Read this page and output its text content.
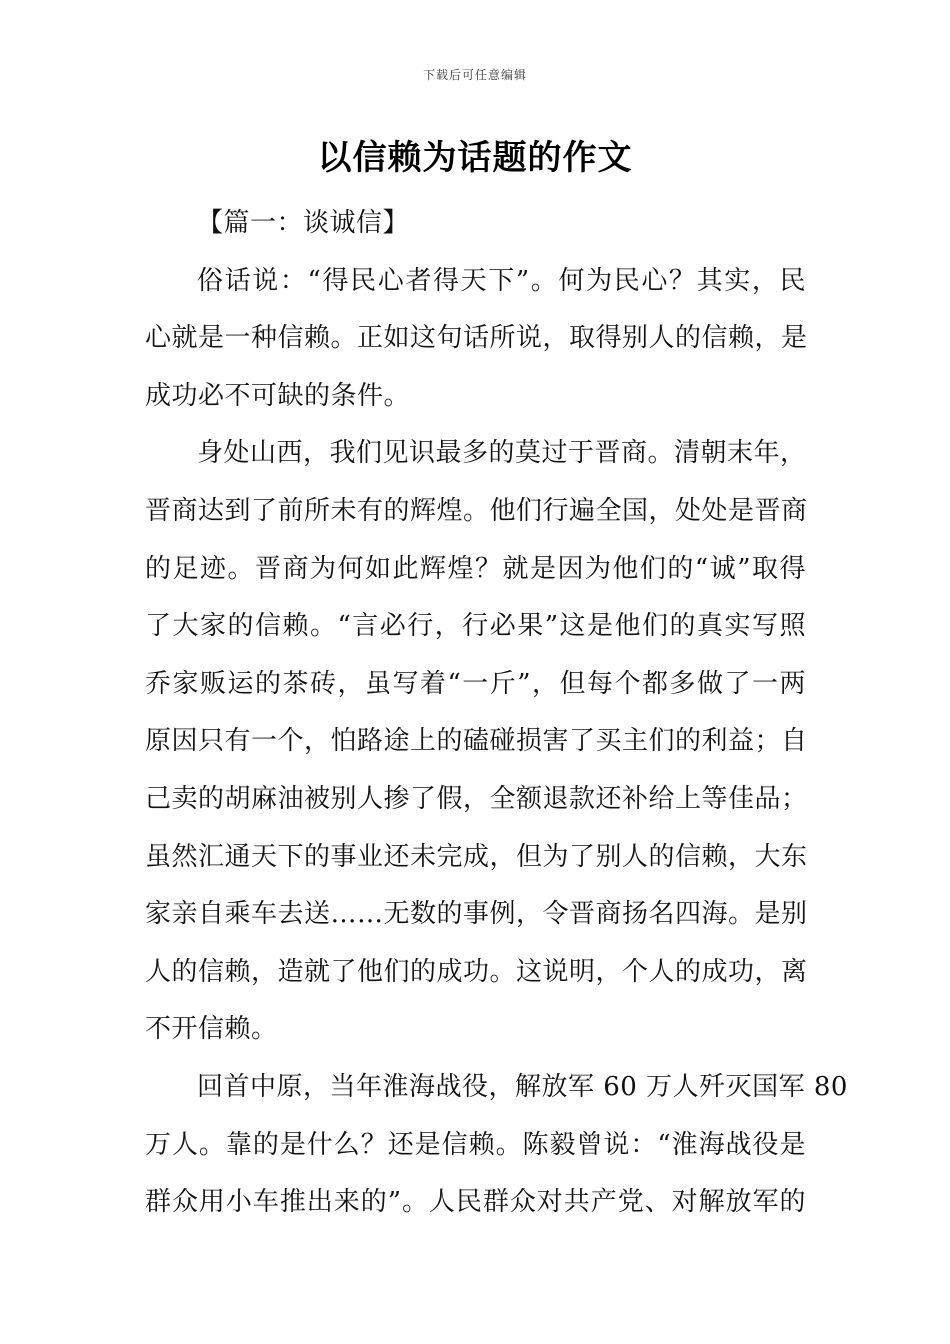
下载后可任意编辑
以信赖为话题的作文
【篇一：谈诚信】
俗话说：“得民心者得天下”。何为民心？其实，民
心就是一种信赖。正如这句话所说，取得别人的信赖，是
成功必不可缺的条件。
身处山西，我们见识最多的莫过于晋商。清朝末年，
晋商达到了前所未有的辉煌。他们行遍全国，处处是晋商
的足迹。晋商为何如此辉煌？就是因为他们的“诚”取得
了大家的信赖。“言必行，行必果”这是他们的真实写照
乔家贩运的茶砖，虽写着“一斤”，但每个都多做了一两
原因只有一个，怕路途上的磕碰损害了买主们的利益；自
己卖的胡麻油被别人掺了假，全额退款还补给上等佳品；
虽然汇通天下的事业还未完成，但为了别人的信赖，大东
家亲自乘车去送……无数的事例，令晋商扬名四海。是别
人的信赖，造就了他们的成功。这说明，个人的成功，离
不开信赖。
回首中原，当年淮海战役，解放军 60 万人歼灭国军 80
万人。靠的是什么？还是信赖。陈毅曾说：“淮海战役是
群众用小车推出来的”。人民群众对共产党、对解放军的
